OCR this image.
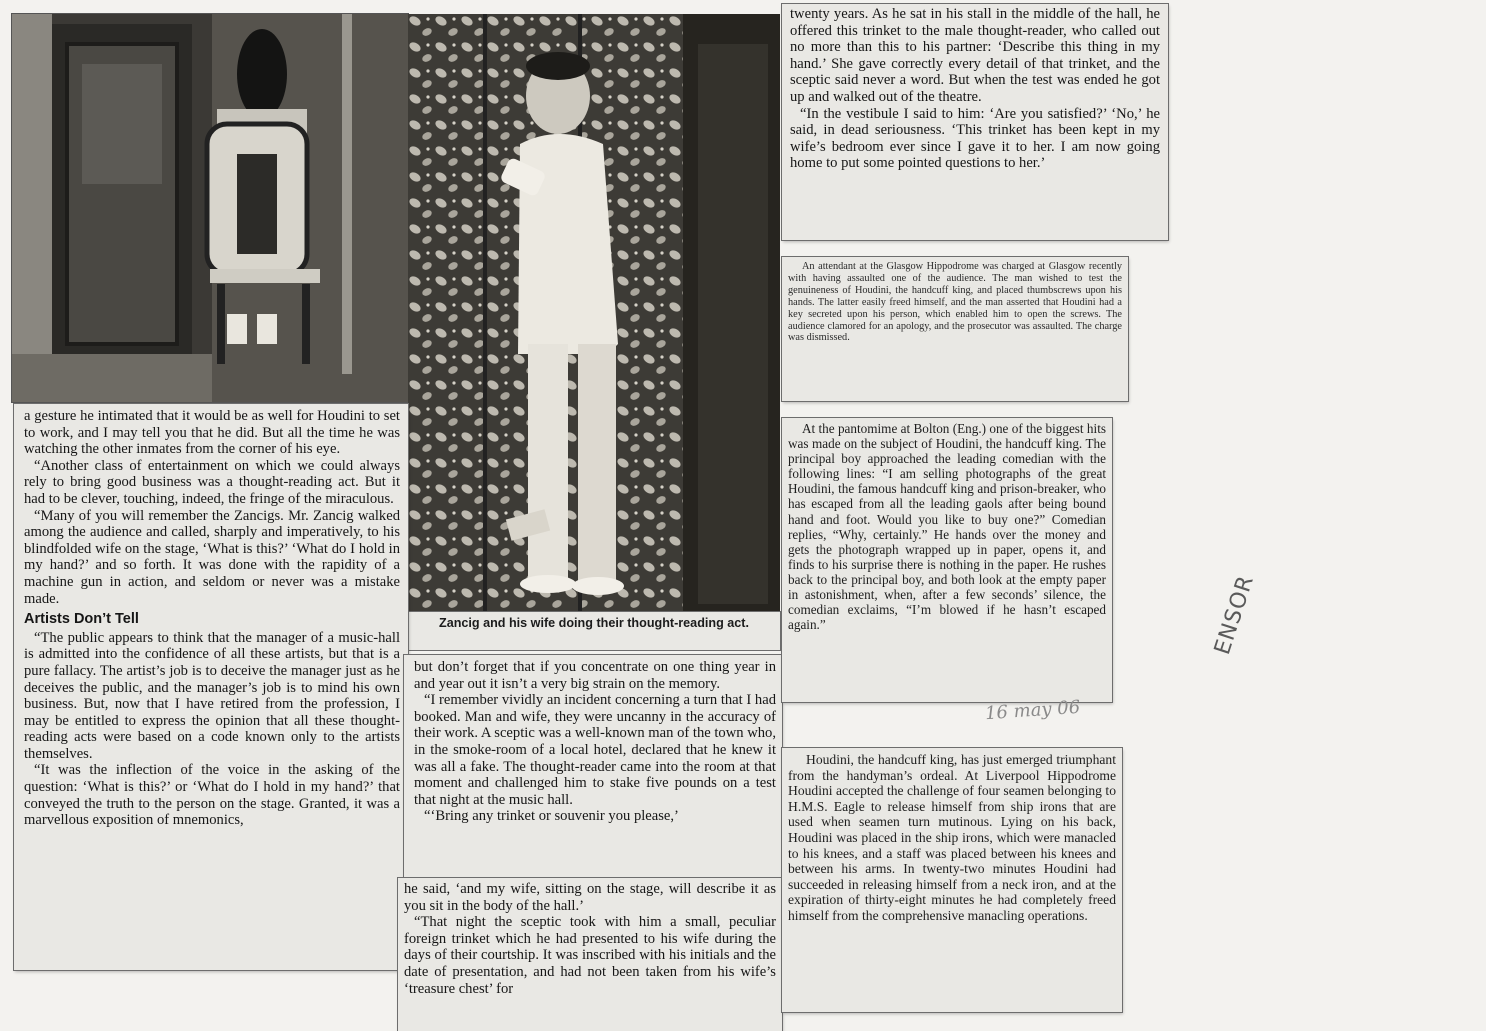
Zancig and his wife doing their thought-reading act.

a gesture he intimated that it would be as well for Houdini to set to work, and I may tell you that he did. But all the time he was watching the other inmates from the corner of his eye.

“Another class of entertainment on which we could always rely to bring good business was a thought-reading act. But it had to be clever, touching, indeed, the fringe of the miraculous.

“Many of you will remember the Zancigs. Mr. Zancig walked among the audience and called, sharply and imperatively, to his blindfolded wife on the stage, ‘What is this?’ ‘What do I hold in my hand?’ and so forth. It was done with the rapidity of a machine gun in action, and seldom or never was a mistake made.

Artists Don’t Tell

“The public appears to think that the manager of a music-hall is admitted into the confidence of all these artists, but that is a pure fallacy. The artist’s job is to deceive the manager just as he deceives the public, and the manager’s job is to mind his own business. But, now that I have retired from the profession, I may be entitled to express the opinion that all these thought-reading acts were based on a code known only to the artists themselves.

“It was the inflection of the voice in the asking of the question: ‘What is this?’ or ‘What do I hold in my hand?’ that conveyed the truth to the person on the stage. Granted, it was a marvellous exposition of mnemonics,

but don’t forget that if you concentrate on one thing year in and year out it isn’t a very big strain on the memory.

“I remember vividly an incident concerning a turn that I had booked. Man and wife, they were uncanny in the accuracy of their work. A sceptic was a well-known man of the town who, in the smoke-room of a local hotel, declared that he knew it was all a fake. The thought-reader came into the room at that moment and challenged him to stake five pounds on a test that night at the music hall.

“‘Bring any trinket or souvenir you please,’

he said, ‘and my wife, sitting on the stage, will describe it as you sit in the body of the hall.’

“That night the sceptic took with him a small, peculiar foreign trinket which he had presented to his wife during the days of their courtship. It was inscribed with his initials and the date of presentation, and had not been taken from his wife’s ‘treasure chest’ for

twenty years. As he sat in his stall in the middle of the hall, he offered this trinket to the male thought-reader, who called out no more than this to his partner: ‘Describe this thing in my hand.’ She gave correctly every detail of that trinket, and the sceptic said never a word. But when the test was ended he got up and walked out of the theatre.

“In the vestibule I said to him: ‘Are you satisfied?’ ‘No,’ he said, in dead seriousness. ‘This trinket has been kept in my wife’s bedroom ever since I gave it to her. I am now going home to put some pointed questions to her.’

An attendant at the Glasgow Hippodrome was charged at Glasgow recently with having assaulted one of the audience. The man wished to test the genuineness of Houdini, the handcuff king, and placed thumbscrews upon his hands. The latter easily freed himself, and the man asserted that Houdini had a key secreted upon his person, which enabled him to open the screws. The audience clamored for an apology, and the prosecutor was assaulted. The charge was dismissed.
At the pantomime at Bolton (Eng.) one of the biggest hits was made on the subject of Houdini, the handcuff king. The principal boy approached the leading comedian with the following lines: “I am selling photographs of the great Houdini, the famous handcuff king and prison-breaker, who has escaped from all the leading gaols after being bound hand and foot. Would you like to buy one?” Comedian replies, “Why, certainly.” He hands over the money and gets the photograph wrapped up in paper, opens it, and finds to his surprise there is nothing in the paper. He rushes back to the principal boy, and both look at the empty paper in astonishment, when, after a few seconds’ silence, the comedian exclaims, “I’m blowed if he hasn’t escaped again.”
Houdini, the handcuff king, has just emerged triumphant from the handyman’s ordeal. At Liverpool Hippodrome Houdini accepted the challenge of four seamen belonging to H.M.S. Eagle to release himself from ship irons that are used when seamen turn mutinous. Lying on his back, Houdini was placed in the ship irons, which were manacled to his knees, and a staff was placed between his knees and between his arms. In twenty-two minutes Houdini had succeeded in releasing himself from a neck iron, and at the expiration of thirty-eight minutes he had completely freed himself from the comprehensive manacling operations.
16 may 06
ENSOR
